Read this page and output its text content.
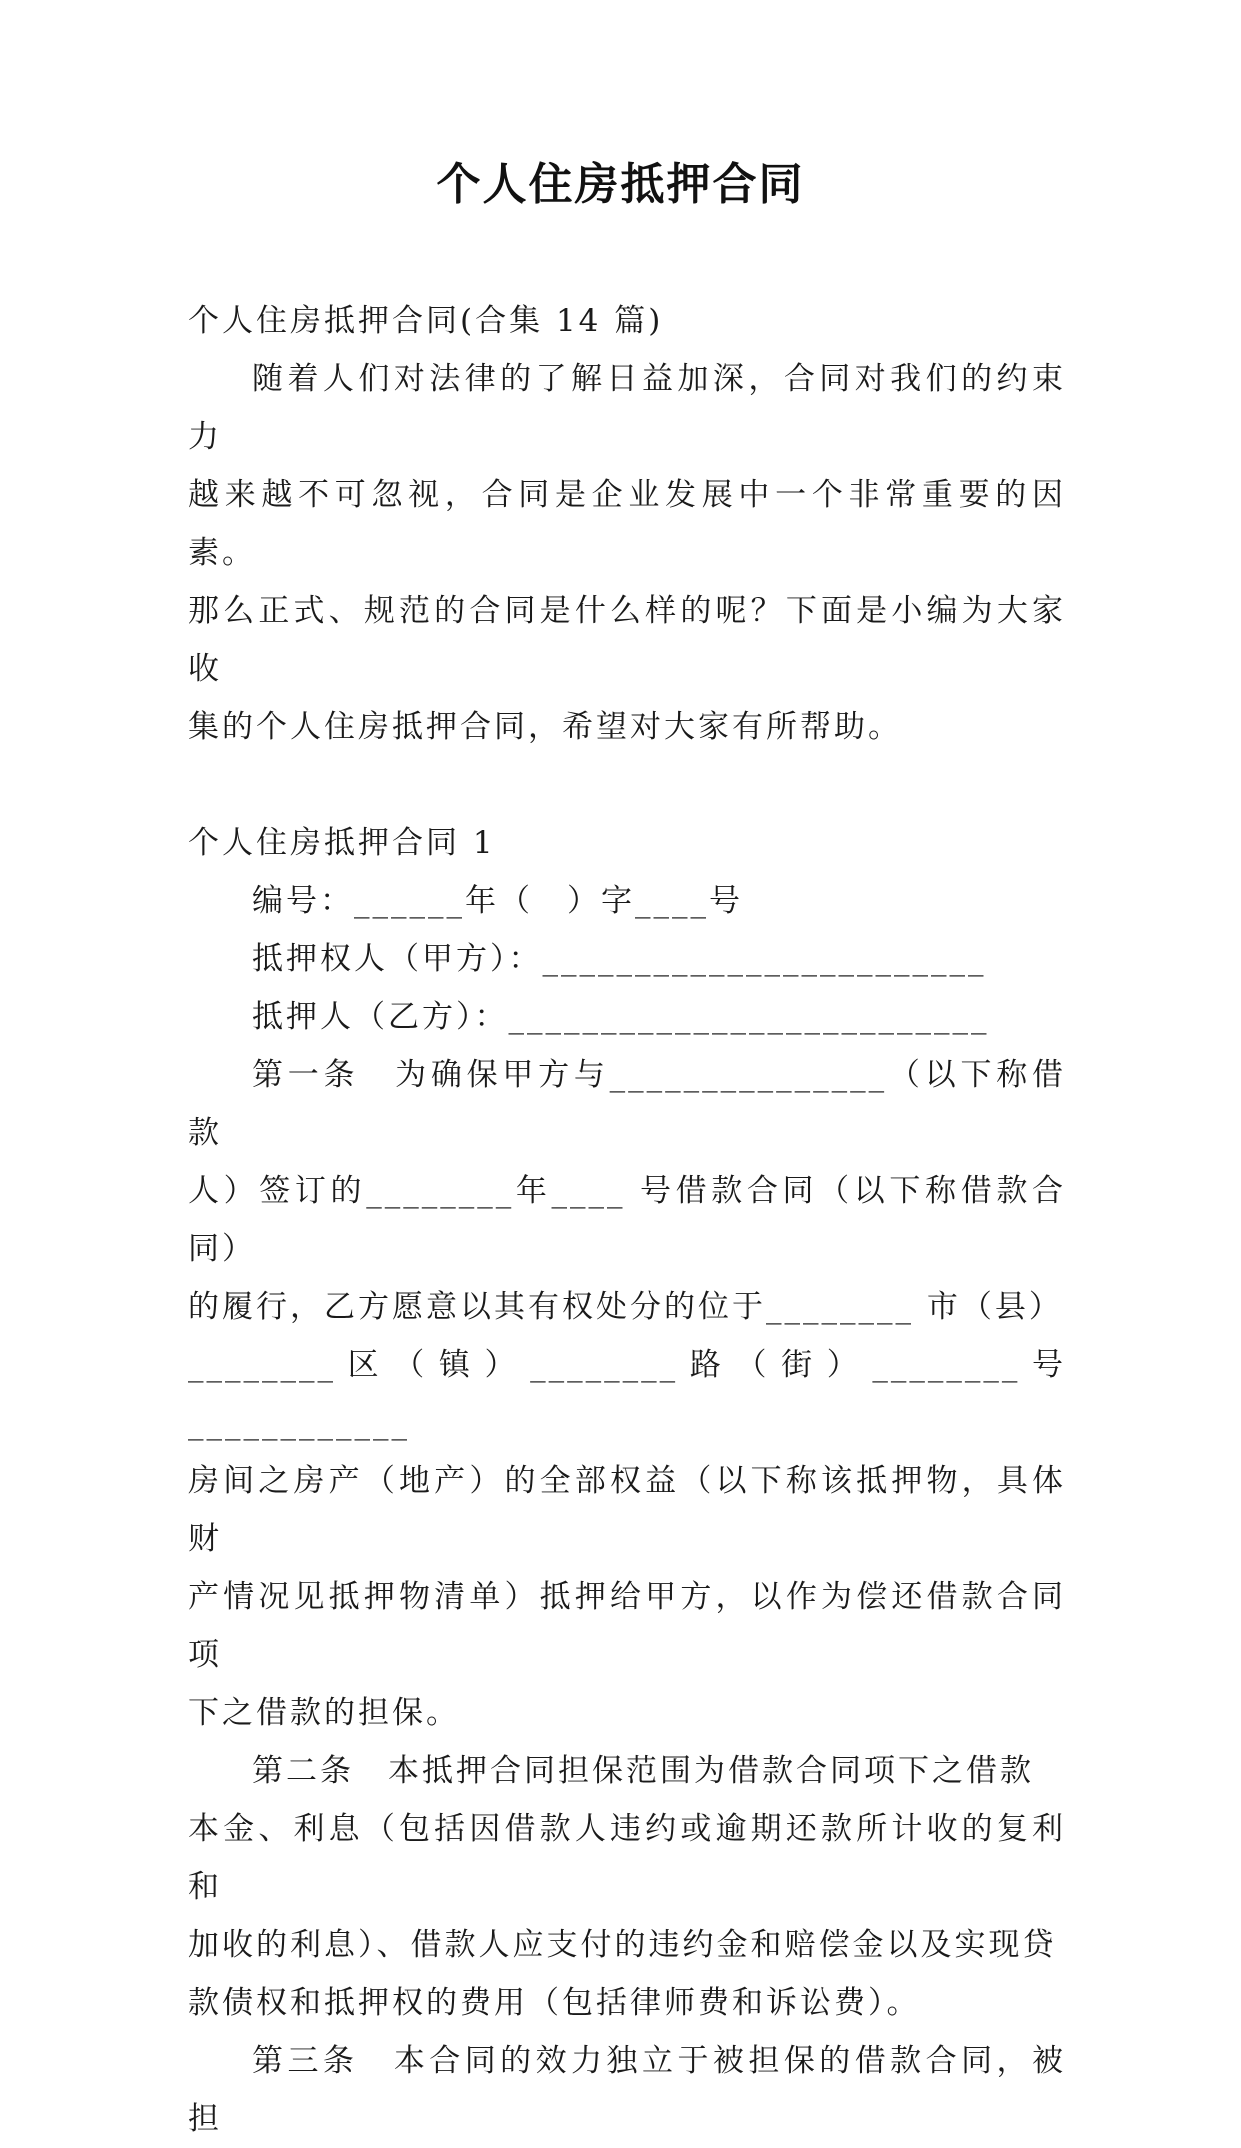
个人住房抵押合同

个人住房抵押合同(合集 14 篇)

随着人们对法律的了解日益加深，合同对我们的约束力

越来越不可忽视，合同是企业发展中一个非常重要的因素。

那么正式、规范的合同是什么样的呢？下面是小编为大家收

集的个人住房抵押合同，希望对大家有所帮助。

个人住房抵押合同 1

编号：______年（　）字____号

抵押权人（甲方）：________________________

抵押人（乙方）：__________________________

第一条　为确保甲方与_______________（以下称借款

人）签订的________年____ 号借款合同（以下称借款合同）

的履行，乙方愿意以其有权处分的位于________ 市（县）

________区（镇）________路（街）________号 ____________

房间之房产（地产）的全部权益（以下称该抵押物，具体财

产情况见抵押物清单）抵押给甲方，以作为偿还借款合同项

下之借款的担保。

第二条　本抵押合同担保范围为借款合同项下之借款

本金、利息（包括因借款人违约或逾期还款所计收的复利和

加收的利息）、借款人应支付的违约金和赔偿金以及实现贷

款债权和抵押权的费用（包括律师费和诉讼费）。

第三条　本合同的效力独立于被担保的借款合同，被担
